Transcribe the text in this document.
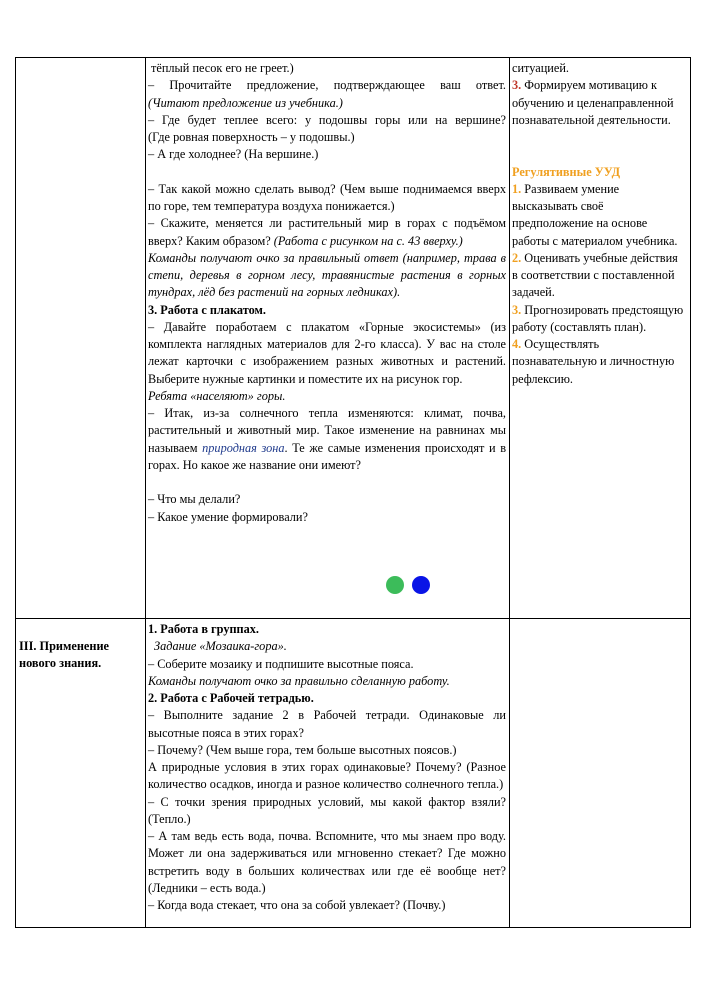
тёплый песок его не греет.)

– Прочитайте предложение, подтверждающее ваш ответ.

(Читают предложение из учебника.)

– Где будет теплее всего: у подошвы горы или на вершине?

(Где ровная поверхность – у подошвы.)

– А где холоднее? (На вершине.)

– Так какой можно сделать вывод? (Чем выше поднимаемся вверх по горе, тем температура воздуха понижается.)

– Скажите, меняется ли растительный мир в горах с подъёмом вверх? Каким образом? (Работа с рисунком на с. 43 вверху.)

Команды получают очко за правильный ответ (например, трава в степи, деревья в горном лесу, травянистые растения в горных тундрах, лёд без растений на горных ледниках).

3. Работа с плакатом.

– Давайте поработаем с плакатом «Горные экосистемы» (из комплекта наглядных материалов для 2-го класса). У вас на столе лежат карточки с изображением разных животных и растений. Выберите нужные картинки и поместите их на рисунок гор.

Ребята «населяют» горы.

– Итак, из-за солнечного тепла изменяются: климат, почва, растительный и животный мир. Такое изменение на равнинах мы называем природная зона. Те же самые изменения происходят и в горах. Но какое же название они имеют?

– Что мы делали?

– Какое умение формировали?

ситуацией.
3. Формируем мотивацию к обучению и целенаправленной познавательной деятельности.
Регулятивные УУД
1. Развиваем умение высказывать своё предположение на основе работы с материалом учебника.
2. Оценивать учебные действия в соответствии с поставленной задачей.
3. Прогнозировать предстоящую работу (составлять план).
4. Осуществлять познавательную и личностную рефлексию.
III. Применение нового знания.

1. Работа в группах.

Задание «Мозаика-гора».

– Соберите мозаику и подпишите высотные пояса.

Команды получают очко за правильно сделанную работу.

2. Работа с Рабочей тетрадью.

– Выполните задание 2 в Рабочей тетради. Одинаковые ли высотные пояса в этих горах?

– Почему? (Чем выше гора, тем больше высотных поясов.)

А природные условия в этих горах одинаковые? Почему? (Разное количество осадков, иногда и разное количество солнечного тепла.)

– С точки зрения природных условий, мы какой фактор взяли? (Тепло.)

– А там ведь есть вода, почва. Вспомните, что мы знаем про воду. Может ли она задерживаться или мгновенно стекает? Где можно встретить воду в больших количествах или где её вообще нет? (Ледники – есть вода.)

– Когда вода стекает, что она за собой увлекает? (Почву.)
